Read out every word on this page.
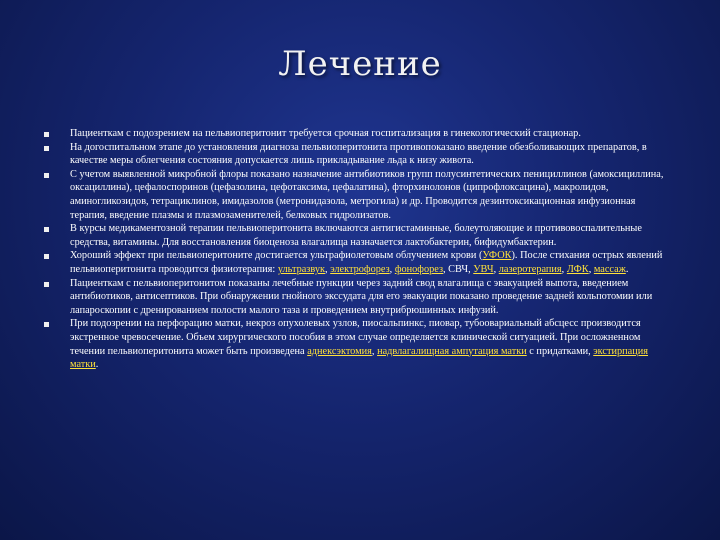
Лечение
Пациенткам с подозрением на пельвиоперитонит требуется срочная госпитализация в гинекологический стационар.
На догоспитальном этапе до установления диагноза пельвиоперитонита противопоказано введение обезболивающих препаратов, в качестве меры облегчения состояния допускается лишь прикладывание льда к низу живота.
С учетом выявленной микробной флоры показано назначение антибиотиков групп полусинтетических пенициллинов (амоксициллина, оксациллина), цефалоспоринов (цефазолина, цефотаксима, цефалатина), фторхинолонов (ципрофлоксацина), макролидов, аминогликозидов, тетрациклинов, имидазолов (метронидазола, метрогила) и др. Проводится дезинтоксикационная инфузионная терапия, введение плазмы и плазмозаменителей, белковых гидролизатов.
В курсы медикаментозной терапии пельвиоперитонита включаются антигистаминные, болеутоляющие и противовоспалительные средства, витамины. Для восстановления биоценоза влагалища назначается лактобактерин, бифидумбактерин.
Хороший эффект при пельвиоперитоните достигается ультрафиолетовым облучением крови (УФОК). После стихания острых явлений пельвиоперитонита проводится физиотерапия: ультразвук, электрофорез, фонофорез, СВЧ, УВЧ, лазеротерапия, ЛФК, массаж.
Пациенткам с пельвиоперитонитом показаны лечебные пункции через задний свод влагалища с эвакуацией выпота, введением антибиотиков, антисептиков. При обнаружении гнойного экссудата для его эвакуации показано проведение задней кольпотомии или лапароскопии с дренированием полости малого таза и проведением внутрибрюшинных инфузий.
При подозрении на перфорацию матки, некроз опухолевых узлов, пиосальпинкс, пиовар, тубоовариальный абсцесс производится экстренное чревосечение. Объем хирургического пособия в этом случае определяется клинической ситуацией. При осложненном течении пельвиоперитонита может быть произведена аднексэктомия, надвлагалищная ампутация матки с придатками, экстирпация матки.
